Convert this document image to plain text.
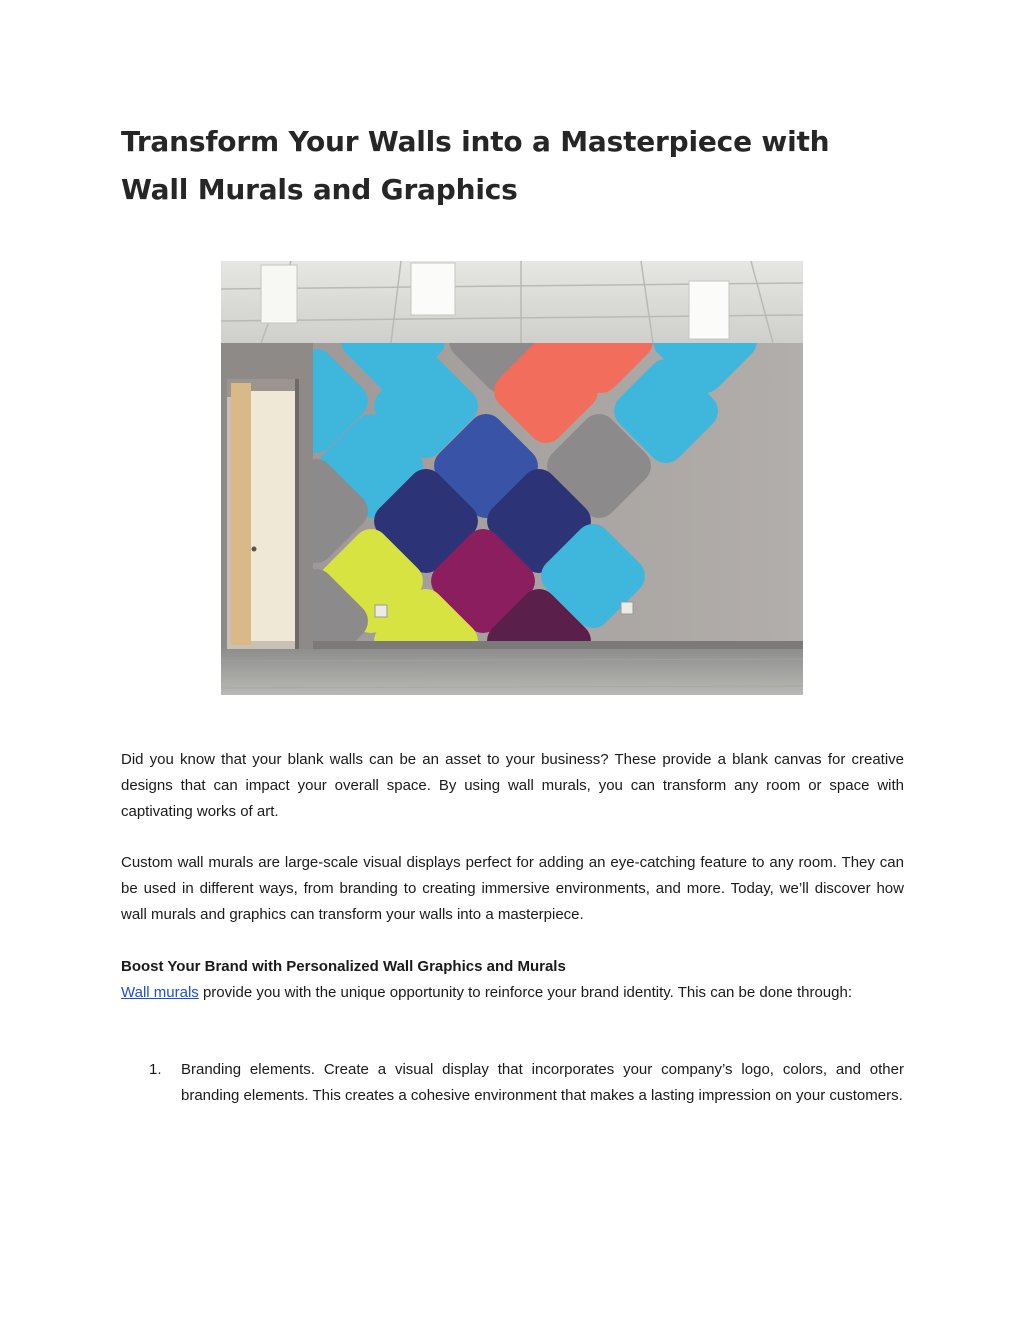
Transform Your Walls into a Masterpiece with Wall Murals and Graphics

Did you know that your blank walls can be an asset to your business? These provide a blank canvas for creative designs that can impact your overall space. By using wall murals, you can transform any room or space with captivating works of art.

Custom wall murals are large-scale visual displays perfect for adding an eye-catching feature to any room. They can be used in different ways, from branding to creating immersive environments, and more. Today, we’ll discover how wall murals and graphics can transform your walls into a masterpiece.

Boost Your Brand with Personalized Wall Graphics and Murals

Wall murals provide you with the unique opportunity to reinforce your brand identity. This can be done through:

1. Branding elements. Create a visual display that incorporates your company’s logo, colors, and other branding elements. This creates a cohesive environment that makes a lasting impression on your customers.
